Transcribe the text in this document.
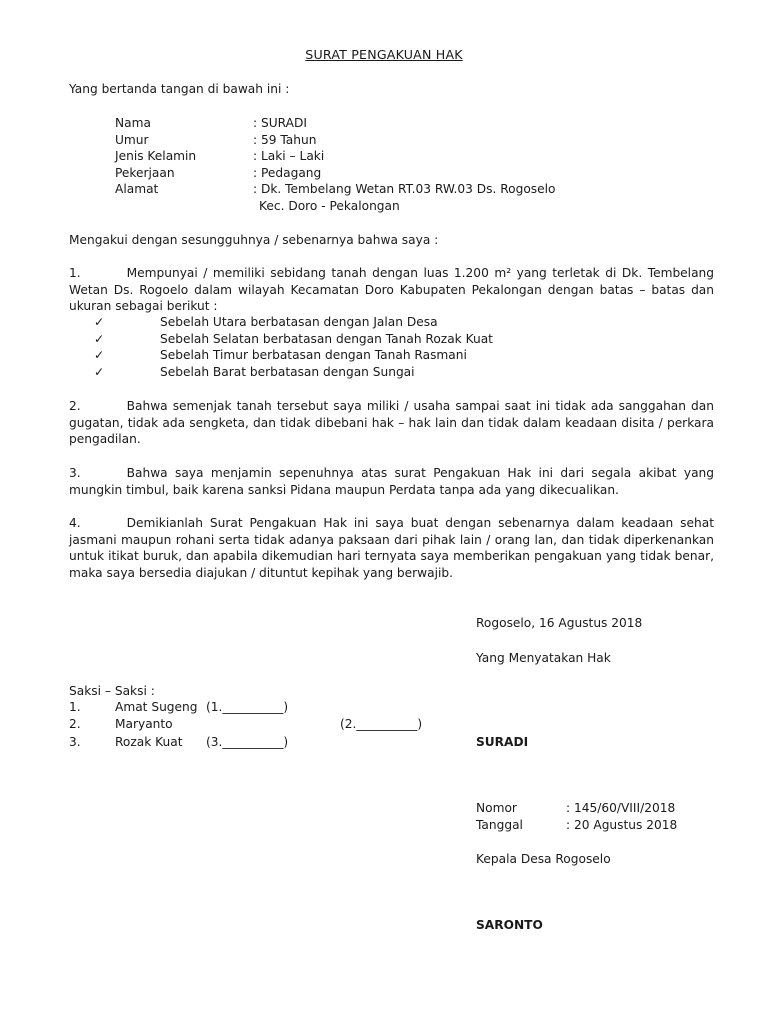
SURAT PENGAKUAN HAK
Yang bertanda tangan di bawah ini :
Nama	: SURADI
Umur	: 59 Tahun
Jenis Kelamin	: Laki – Laki
Pekerjaan	: Pedagang
Alamat	: Dk. Tembelang Wetan RT.03 RW.03 Ds. Rogoselo
Kec. Doro - Pekalongan
Mengakui dengan sesungguhnya / sebenarnya bahwa saya :
1.	Mempunyai / memiliki sebidang tanah dengan luas 1.200 m² yang terletak di Dk. Tembelang Wetan Ds. Rogoelo dalam wilayah Kecamatan Doro Kabupaten Pekalongan dengan batas – batas dan ukuran sebagai berikut :
✓	Sebelah Utara berbatasan dengan Jalan Desa
✓	Sebelah Selatan berbatasan dengan Tanah Rozak Kuat
✓	Sebelah Timur berbatasan dengan Tanah Rasmani
✓	Sebelah Barat berbatasan dengan Sungai
2.	Bahwa semenjak tanah tersebut saya miliki / usaha sampai saat ini tidak ada sanggahan dan gugatan, tidak ada sengketa, dan tidak dibebani hak – hak lain dan tidak dalam keadaan disita / perkara pengadilan.
3.	Bahwa saya menjamin sepenuhnya atas surat Pengakuan Hak ini dari segala akibat yang mungkin timbul, baik karena sanksi Pidana maupun Perdata tanpa ada yang dikecualikan.
4.	Demikianlah Surat Pengakuan Hak ini saya buat dengan sebenarnya dalam keadaan sehat jasmani maupun rohani serta tidak adanya paksaan dari pihak lain / orang lan, dan tidak diperkenankan untuk itikat buruk, dan apabila dikemudian hari ternyata saya memberikan pengakuan yang tidak benar, maka saya bersedia diajukan / dituntut kepihak yang berwajib.
Rogoselo, 16 Agustus 2018
Yang Menyatakan Hak
Saksi – Saksi :
1.	Amat Sugeng (1.__________)
2.	Maryanto	(2.__________)
3.	Rozak Kuat (3.__________)	SURADI
Nomor	: 145/60/VIII/2018
Tanggal	: 20 Agustus 2018
Kepala Desa Rogoselo
SARONTO
